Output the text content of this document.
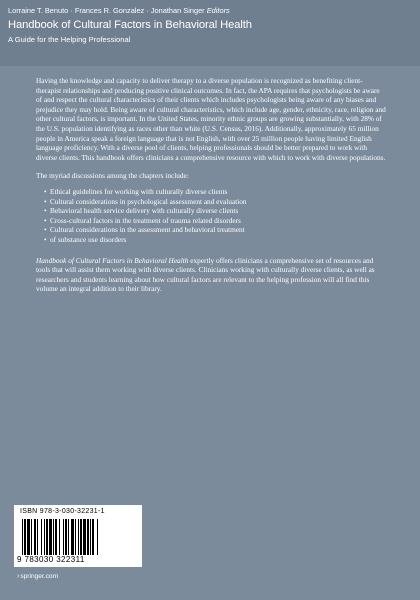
Lorraine T. Benuto · Frances R. Gonzalez · Jonathan Singer Editors
Handbook of Cultural Factors in Behavioral Health
A Guide for the Helping Professional

Having the knowledge and capacity to deliver therapy to a diverse population is recognized as benefiting client-therapist relationships and producing positive clinical outcomes. In fact, the APA requires that psychologists be aware of and respect the cultural characteristics of their clients which includes psychologists being aware of any biases and prejudice they may hold. Being aware of cultural characteristics, which include age, gender, ethnicity, race, religion and other cultural factors, is important. In the United States, minority ethnic groups are growing substantially, with 28% of the U.S. population identifying as races other than white (U.S. Census, 2016). Additionally, approximately 65 million people in America speak a foreign language that is not English, with over 25 million people having limited English language proficiency. With a diverse pool of clients, helping professionals should be better prepared to work with diverse clients. This handbook offers clinicians a comprehensive resource with which to work with diverse populations.

The myriad discussions among the chapters include:

• Ethical guidelines for working with culturally diverse clients
• Cultural considerations in psychological assessment and evaluation
• Behavioral health service delivery with culturally diverse clients
• Cross-cultural factors in the treatment of trauma related disorders
• Cultural considerations in the assessment and behavioral treatment
• of substance use disorders

Handbook of Cultural Factors in Behavioral Health expertly offers clinicians a comprehensive set of resources and tools that will assist them working with diverse clients. Clinicians working with culturally diverse clients, as well as researchers and students learning about how cultural factors are relevant to the helping profession will all find this volume an integral addition to their library.

ISBN 978-3-030-32231-1
9 783030 322311
›springer.com
